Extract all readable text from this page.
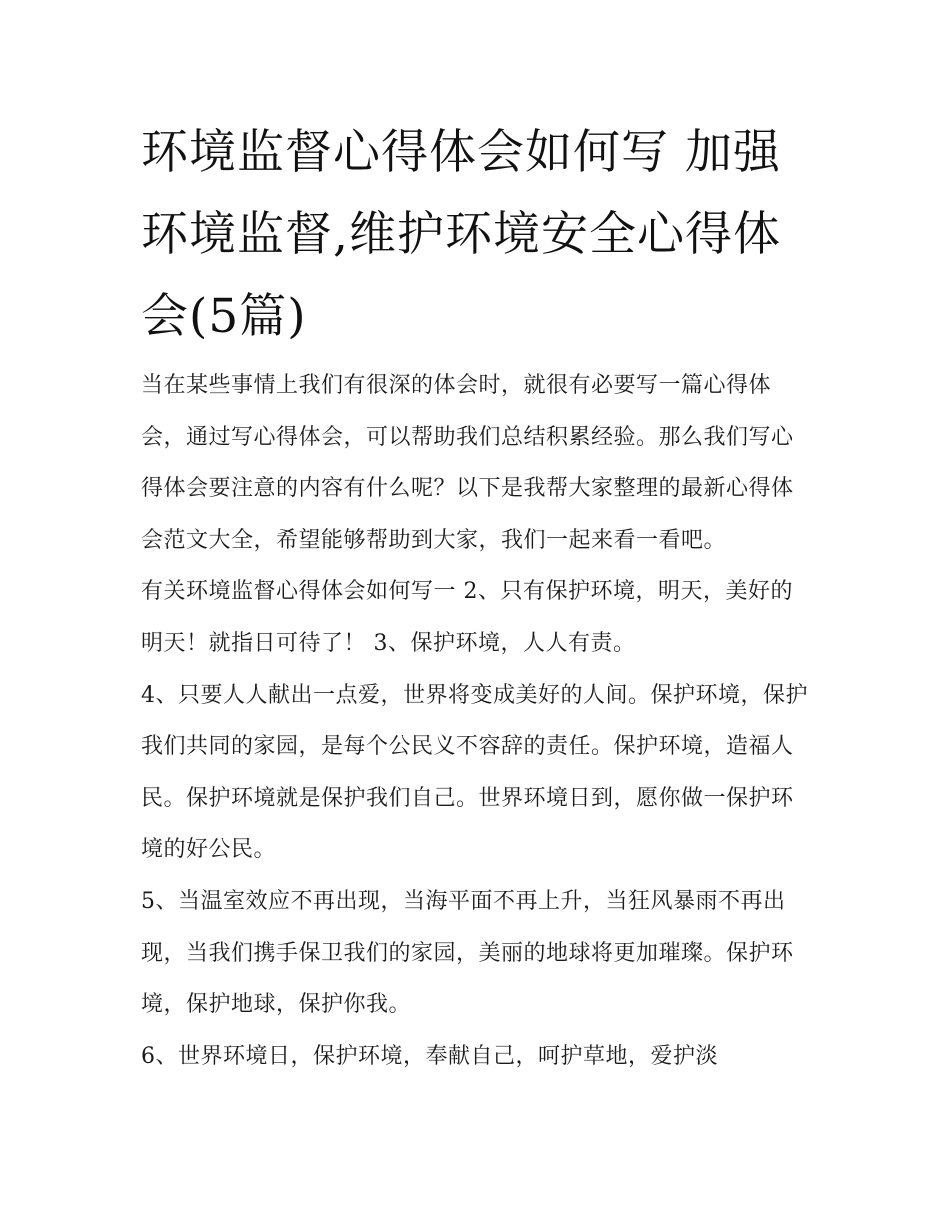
环境监督心得体会如何写 加强环境监督,维护环境安全心得体会(5篇)

当在某些事情上我们有很深的体会时，就很有必要写一篇心得体会，通过写心得体会，可以帮助我们总结积累经验。那么我们写心得体会要注意的内容有什么呢？以下是我帮大家整理的最新心得体会范文大全，希望能够帮助到大家，我们一起来看一看吧。

有关环境监督心得体会如何写一 2、只有保护环境，明天，美好的明天！就指日可待了！ 3、保护环境，人人有责。

4、只要人人献出一点爱，世界将变成美好的人间。保护环境，保护我们共同的家园，是每个公民义不容辞的责任。保护环境，造福人民。保护环境就是保护我们自己。世界环境日到，愿你做一保护环境的好公民。

5、当温室效应不再出现，当海平面不再上升，当狂风暴雨不再出现，当我们携手保卫我们的家园，美丽的地球将更加璀璨。保护环境，保护地球，保护你我。

6、世界环境日，保护环境，奉献自己，呵护草地，爱护淡
